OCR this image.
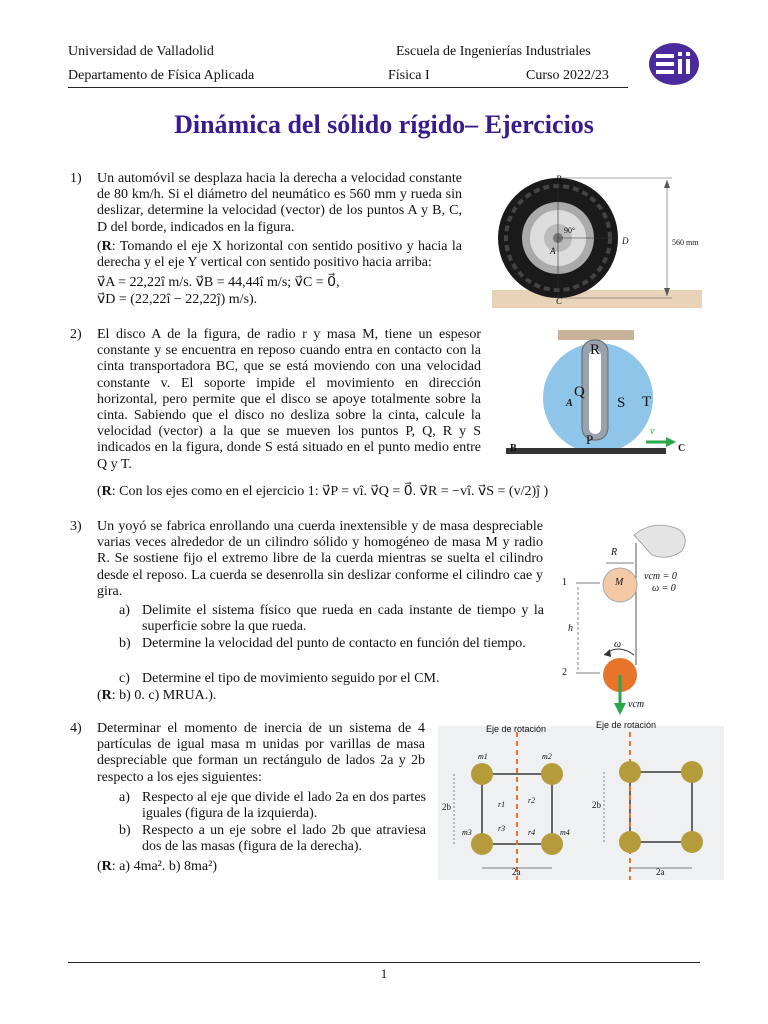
Universidad de Valladolid	Escuela de Ingenierías Industriales
Departamento de Física Aplicada	Física I	Curso 2022/23
Dinámica del sólido rígido– Ejercicios
1) Un automóvil se desplaza hacia la derecha a velocidad constante de 80 km/h. Si el diámetro del neumático es 560 mm y rueda sin deslizar, determine la velocidad (vector) de los puntos A y B, C, D del borde, indicados en la figura.
(R: Tomando el eje X horizontal con sentido positivo y hacia la derecha y el eje Y vertical con sentido positivo hacia arriba:
v⃗A = 22,22î m/s. v⃗B = 44,44î m/s; v⃗C = 0⃗,
v⃗D = (22,22î − 22,22ĵ) m/s).
B
C
D
A
90°
560 mm
2) El disco A de la figura, de radio r y masa M, tiene un espesor constante y se encuentra en reposo cuando entra en contacto con la cinta transportadora BC, que se está moviendo con una velocidad constante v. El soporte impide el movimiento en dirección horizontal, pero permite que el disco se apoye totalmente sobre la cinta. Sabiendo que el disco no desliza sobre la cinta, calcule la velocidad (vector) a la que se mueven los puntos P, Q, R y S indicados en la figura, donde S está situado en el punto medio entre Q y T.
(R: Con los ejes como en el ejercicio 1: v⃗P = vî. v⃗Q = 0⃗. v⃗R = −vî. v⃗S = (v/2)ĵ )
R
Q
S T
P
A
B	C
v
3) Un yoyó se fabrica enrollando una cuerda inextensible y de masa despreciable varias veces alrededor de un cilindro sólido y homogéneo de masa M y radio R. Se sostiene fijo el extremo libre de la cuerda mientras se suelta el cilindro desde el reposo. La cuerda se desenrolla sin deslizar conforme el cilindro cae y gira.
a) Delimite el sistema físico que rueda en cada instante de tiempo y la superficie sobre la que rueda.
b) Determine la velocidad del punto de contacto en función del tiempo.
c) Determine el tipo de movimiento seguido por el CM.
(R: b) 0. c) MRUA.).
R
M
vcm = 0
ω = 0
1
2
h
ω
vcm
4) Determinar el momento de inercia de un sistema de 4 partículas de igual masa m unidas por varillas de masa despreciable que forman un rectángulo de lados 2a y 2b respecto a los ejes siguientes:
a) Respecto al eje que divide el lado 2a en dos partes iguales (figura de la izquierda).
b) Respecto a un eje sobre el lado 2b que atraviesa dos de las masas (figura de la derecha).
(R: a) 4ma². b) 8ma²)
Eje de rotación	Eje de rotación
m1	m2
m3	m4
r1	r2
r3	r4
2b
2a
2b
2a
1
